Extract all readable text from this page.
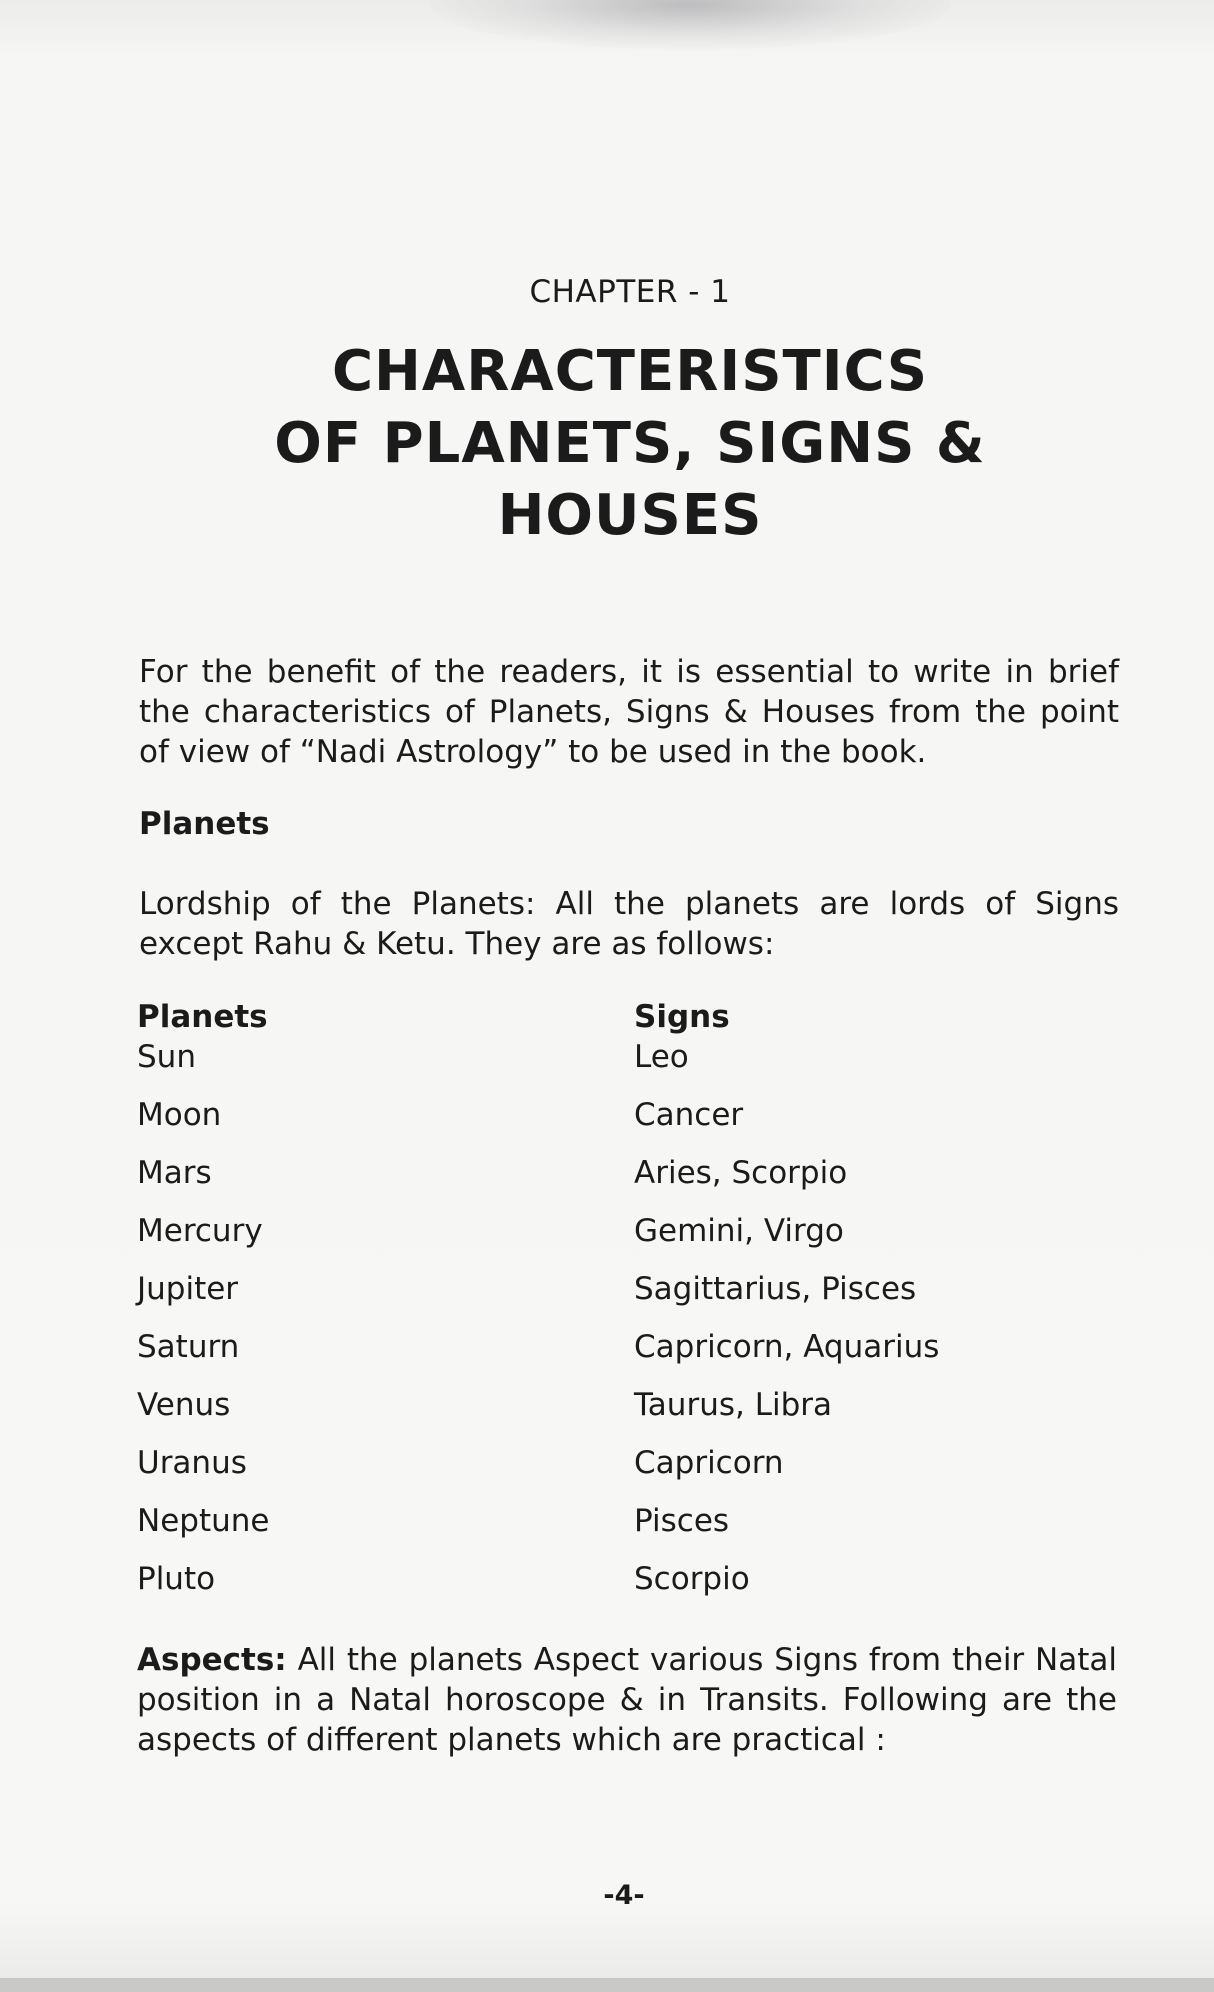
CHAPTER - 1
CHARACTERISTICS
OF PLANETS, SIGNS &
HOUSES
For the benefit of the readers, it is essential to write in brief the characteristics of Planets, Signs & Houses from the point of view of “Nadi Astrology” to be used in the book.
Planets
Lordship of the Planets: All the planets are lords of Signs except Rahu & Ketu. They are as follows:
Planets	Signs
Sun	Leo
Moon	Cancer
Mars	Aries, Scorpio
Mercury	Gemini, Virgo
Jupiter	Sagittarius, Pisces
Saturn	Capricorn, Aquarius
Venus	Taurus, Libra
Uranus	Capricorn
Neptune	Pisces
Pluto	Scorpio
Aspects: All the planets Aspect various Signs from their Natal position in a Natal horoscope & in Transits. Following are the aspects of different planets which are practical :
-4-
